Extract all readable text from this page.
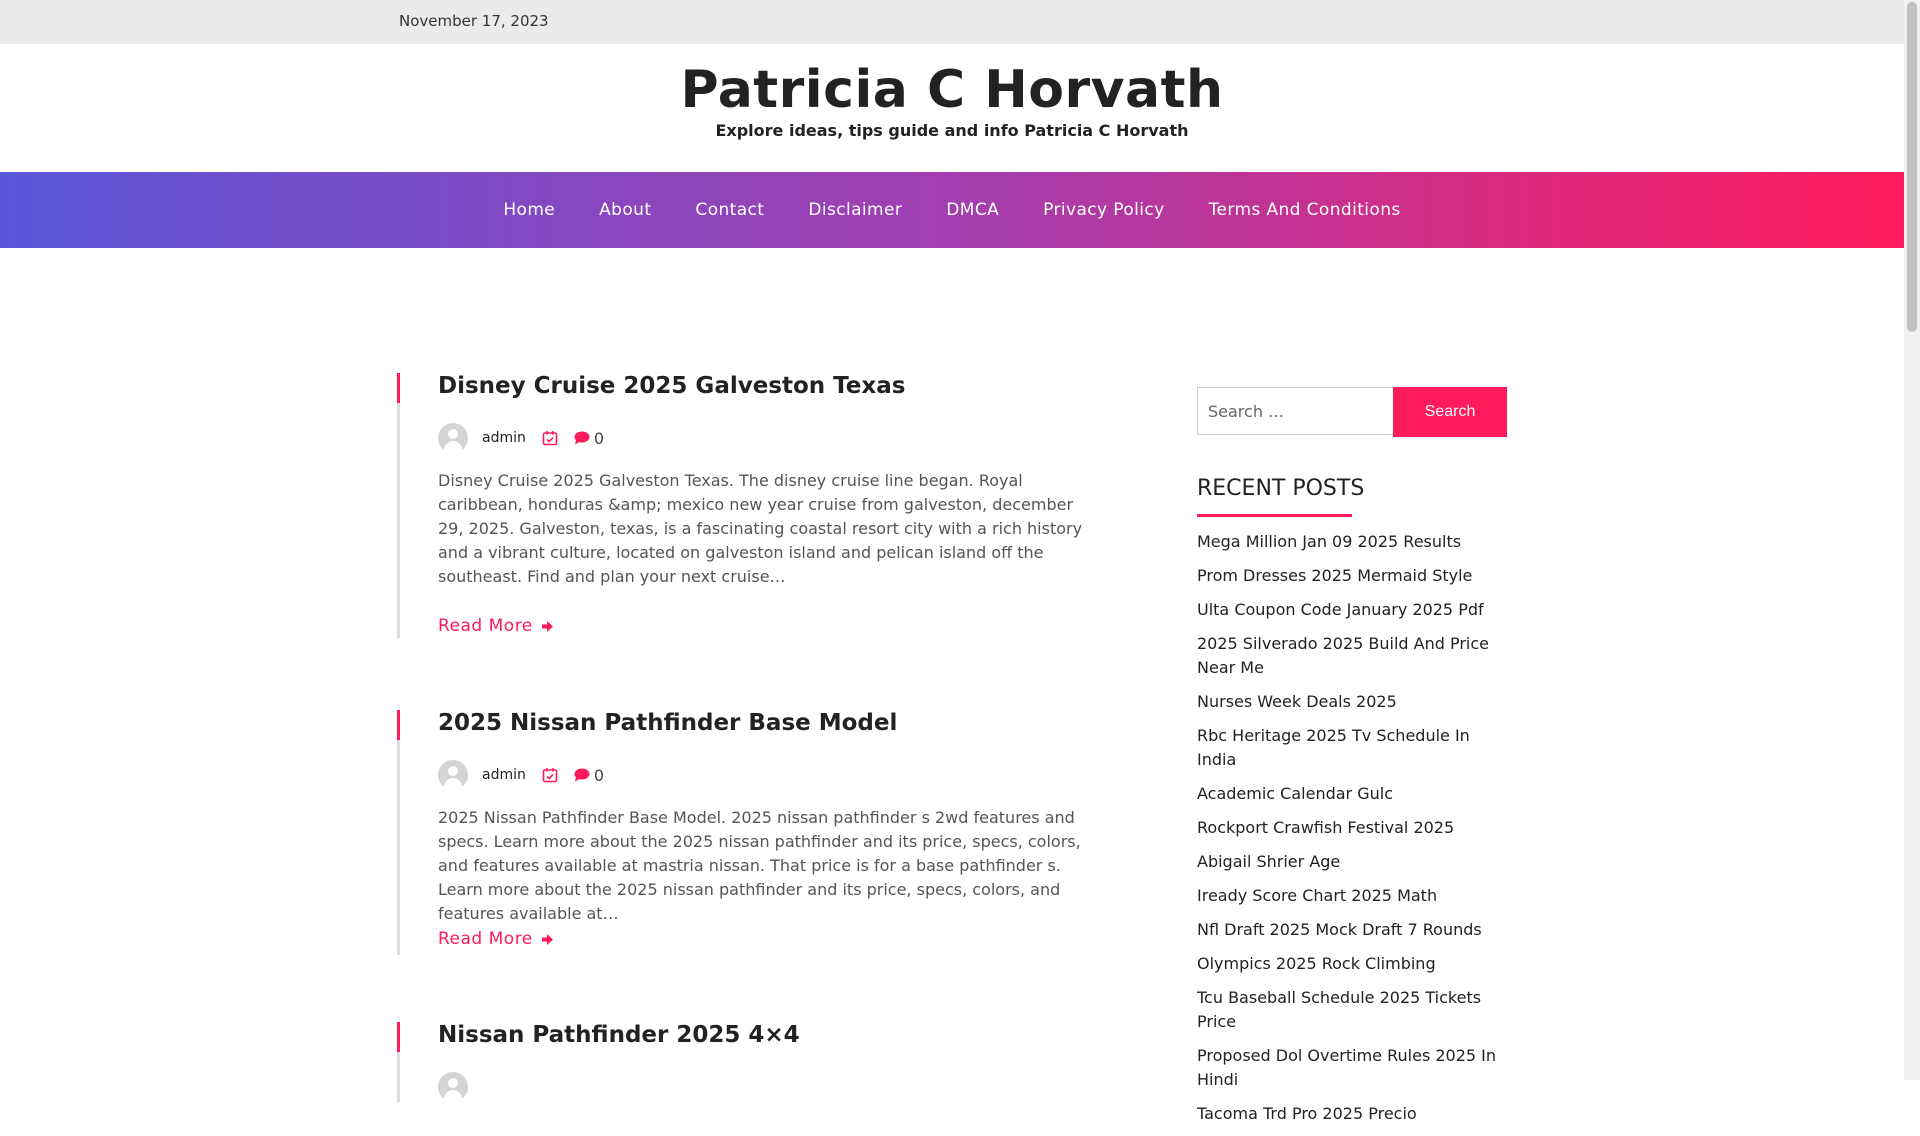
November 17, 2023
Patricia C Horvath
Explore ideas, tips guide and info Patricia C Horvath
Home	About	Contact	Disclaimer	DMCA	Privacy Policy	Terms And Conditions
Disney Cruise 2025 Galveston Texas
admin	0
Disney Cruise 2025 Galveston Texas. The disney cruise line began. Royal caribbean, honduras &amp; mexico new year cruise from galveston, december 29, 2025. Galveston, texas, is a fascinating coastal resort city with a rich history and a vibrant culture, located on galveston island and pelican island off the southeast. Find and plan your next cruise…
Read More
2025 Nissan Pathfinder Base Model
admin	0
2025 Nissan Pathfinder Base Model. 2025 nissan pathfinder s 2wd features and specs. Learn more about the 2025 nissan pathfinder and its price, specs, colors, and features available at mastria nissan. That price is for a base pathfinder s. Learn more about the 2025 nissan pathfinder and its price, specs, colors, and features available at…
Read More
Nissan Pathfinder 2025 4×4
Search …
Search
RECENT POSTS
Mega Million Jan 09 2025 Results
Prom Dresses 2025 Mermaid Style
Ulta Coupon Code January 2025 Pdf
2025 Silverado 2025 Build And Price Near Me
Nurses Week Deals 2025
Rbc Heritage 2025 Tv Schedule In India
Academic Calendar Gulc
Rockport Crawfish Festival 2025
Abigail Shrier Age
Iready Score Chart 2025 Math
Nfl Draft 2025 Mock Draft 7 Rounds
Olympics 2025 Rock Climbing
Tcu Baseball Schedule 2025 Tickets Price
Proposed Dol Overtime Rules 2025 In Hindi
Tacoma Trd Pro 2025 Precio
